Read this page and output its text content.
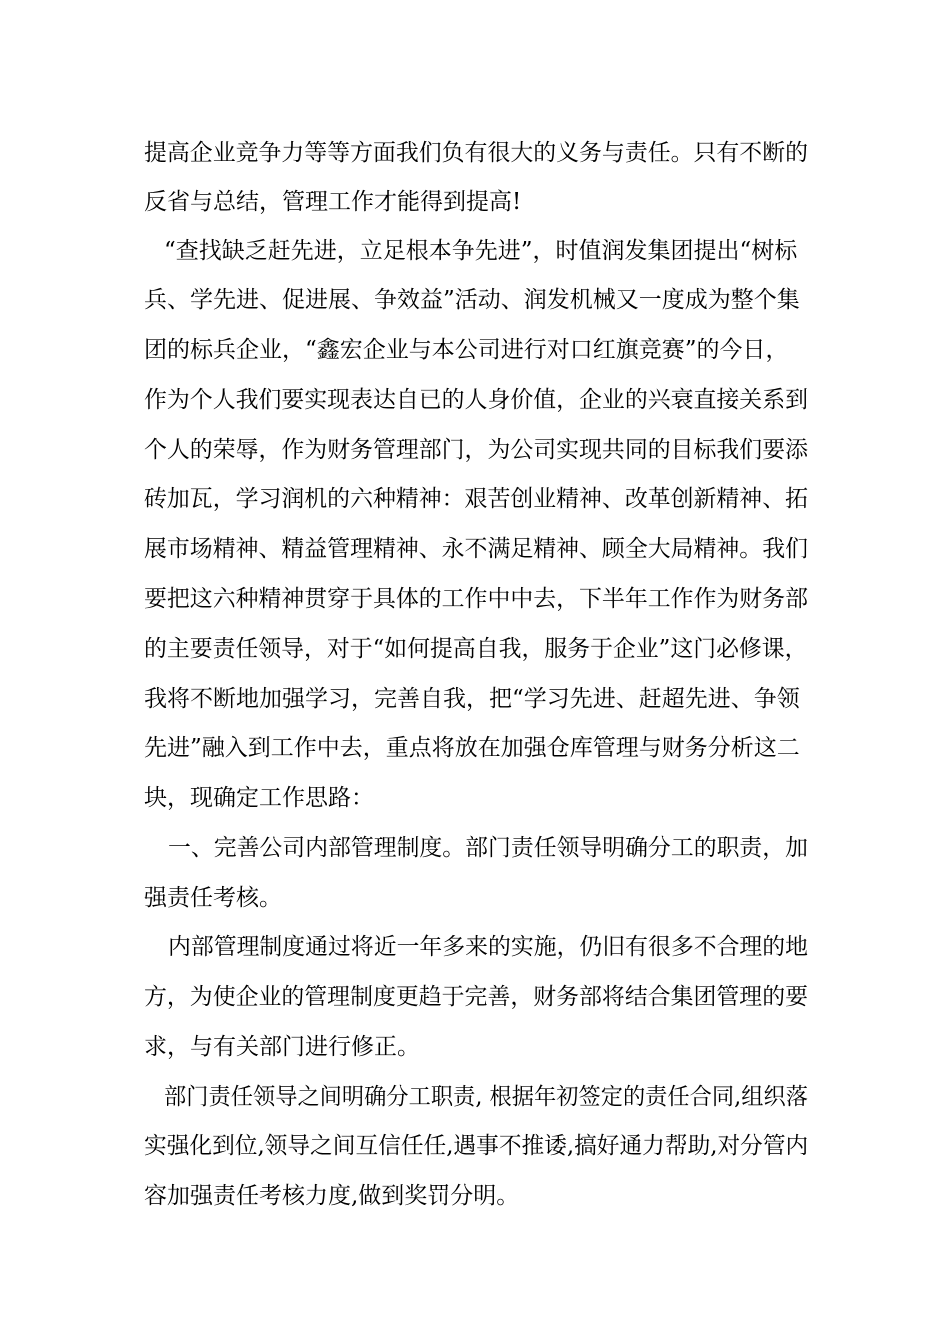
提高企业竞争力等等方面我们负有很大的义务与责任。只有不断的
反省与总结，管理工作才能得到提高!
“查找缺乏赶先进，立足根本争先进”，时值润发集团提出“树标
兵、学先进、促进展、争效益”活动、润发机械又一度成为整个集
团的标兵企业，“鑫宏企业与本公司进行对口红旗竞赛”的今日，
作为个人我们要实现表达自已的人身价值，企业的兴衰直接关系到
个人的荣辱，作为财务管理部门，为公司实现共同的目标我们要添
砖加瓦，学习润机的六种精神：艰苦创业精神、改革创新精神、拓
展市场精神、精益管理精神、永不满足精神、顾全大局精神。我们
要把这六种精神贯穿于具体的工作中中去，下半年工作作为财务部
的主要责任领导，对于“如何提高自我，服务于企业”这门必修课，
我将不断地加强学习，完善自我，把“学习先进、赶超先进、争领
先进”融入到工作中去，重点将放在加强仓库管理与财务分析这二
块，现确定工作思路：
一、完善公司内部管理制度。部门责任领导明确分工的职责，加
强责任考核。
内部管理制度通过将近一年多来的实施，仍旧有很多不合理的地
方，为使企业的管理制度更趋于完善，财务部将结合集团管理的要
求，与有关部门进行修正。
部门责任领导之间明确分工职责, 根据年初签定的责任合同,组织落
实强化到位,领导之间互信任任,遇事不推诿,搞好通力帮助,对分管内
容加强责任考核力度,做到奖罚分明。
